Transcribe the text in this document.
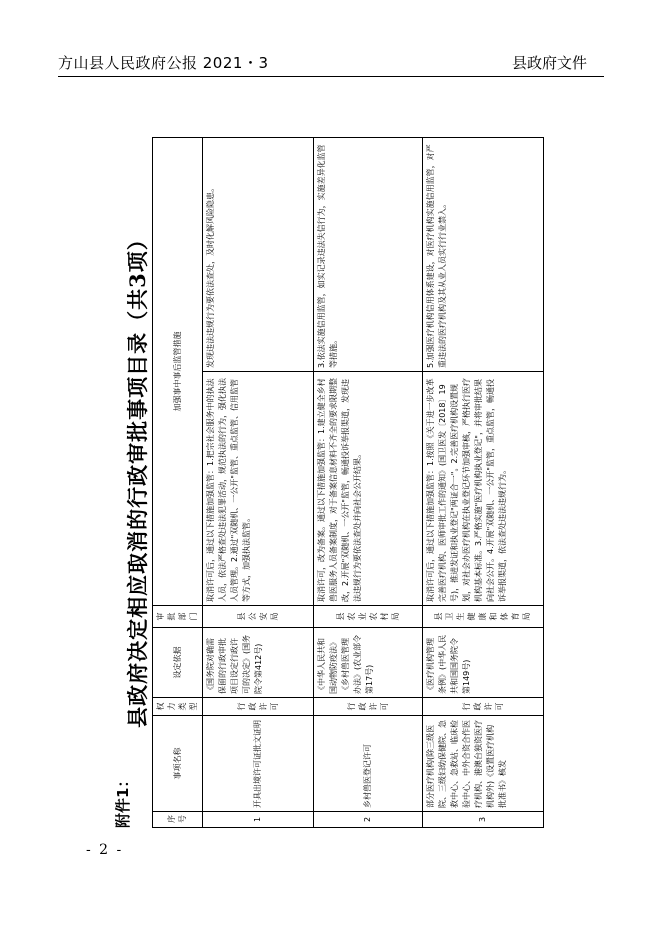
方山县人民政府公报 2021・3	县政府文件
附件1：
县政府决定相应取消的行政审批事项目录（共3项）
序号	事项名称	权力类型	设定依据	审批部门	加强事中事后监管措施	
1	开具出境许可证批文证明	行政许可	《国务院对确需保留的行政审批项目设定行政许可的决定》(国务院令第412号)	县公安局	取消许可后，通过以下措施加强监管：1.把宗社会服务中的执法人员，依法严格查处违法犯罪活动，规范执法的行为，强化执法人员管理。2.通过"双随机、一公开"监管、重点监管、信用监管等方式，加强执法监管。	发现违法违规行为要依法查处，及时化解风险隐患。
2	乡村兽医登记许可	行政许可	《中华人民共和国动物防疫法》《乡村兽医管理办法》(农业部令第17号)	县农业农村局	取消许可，改为备案。通过以下措施加强监管：1.建立健全乡村兽医服务人员备案制度，对于备案信息材料不齐全的要求限期整改，2.开展"双随机、一公开"监管，畅通投诉举报渠道，发现违法违规行为要依法查处并向社会公开结果。	3.依法实施信用监管，如实记录违法失信行为，实施差异化监管等措施。
3	部分医疗机构(除三级医院、三级妇幼保健院、急救中心、急救站、临床检验中心、中外合资合作医疗机构、港澳台独资医疗机构外)《设置医疗机构批准书》核发	行政许可	《医疗机构管理条例》(中华人民共和国国务院令第149号)	县卫生健康和体育局	取消许可后，通过以下措施加强监管：1.按照《关于进一步改革完善医疗机构、医师审批工作的通知》(国卫医发〔2018〕19号)，推进发证和执业登记"两证合一"。2.完善医疗机构设置规划，对社会办医疗机构在执业登记环节加强审核，严格执行医疗机构基本标准。3.严格实施"医疗机构执业登记"，并将审批结果向社会公开。4.开展"双随机、一公开"监管，重点监管，畅通投诉举报渠道，依法查处违法违规行为。	5.加强医疗机构信用体系建设，对医疗机构实施信用监管，对严重违法的医疗机构及其从业人员实行行业禁入。
- 2 -
